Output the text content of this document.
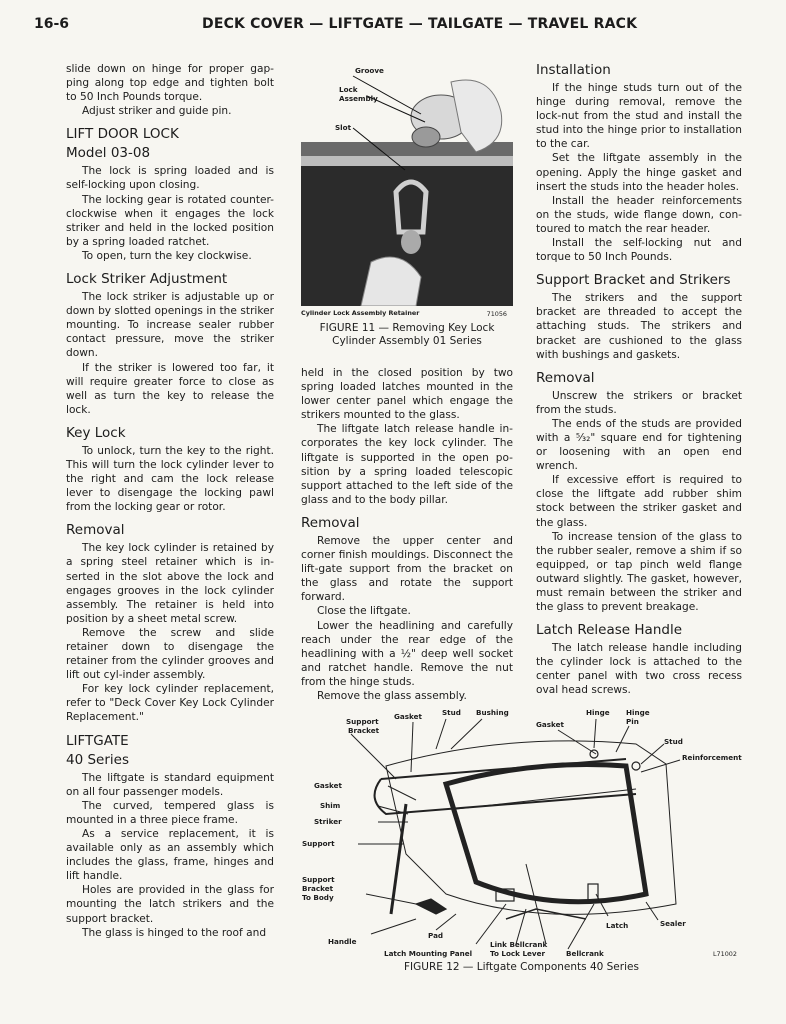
16-6	DECK COVER — LIFTGATE — TAILGATE — TRAVEL RACK

slide down on hinge for proper gap-ping along top edge and tighten bolt to 50 Inch Pounds torque.

Adjust striker and guide pin.

LIFT DOOR LOCK
Model 03-08

The lock is spring loaded and is self-locking upon closing.

The locking gear is rotated counter-clockwise when it engages the lock striker and held in the locked position by a spring loaded ratchet.

To open, turn the key clockwise.

Lock Striker Adjustment

The lock striker is adjustable up or down by slotted openings in the striker mounting. To increase sealer rubber contact pressure, move the striker down.

If the striker is lowered too far, it will require greater force to close as well as turn the key to release the lock.

Key Lock

To unlock, turn the key to the right. This will turn the lock cylinder lever to the right and cam the lock release lever to disengage the locking pawl from the locking gear or rotor.

Removal

The key lock cylinder is retained by a spring steel retainer which is in-serted in the slot above the lock and engages grooves in the lock cylinder assembly. The retainer is held into position by a sheet metal screw.

Remove the screw and slide retainer down to disengage the retainer from the cylinder grooves and lift out cyl-inder assembly.

For key lock cylinder replacement, refer to "Deck Cover Key Lock Cylinder Replacement."

LIFTGATE
40 Series

The liftgate is standard equipment on all four passenger models.

The curved, tempered glass is mounted in a three piece frame.

As a service replacement, it is available only as an assembly which includes the glass, frame, hinges and lift handle.

Holes are provided in the glass for mounting the latch strikers and the support bracket.

The glass is hinged to the roof and

Groove
Lock
Assembly
Slot
Cylinder Lock Assembly Retainer	71056
FIGURE 11 — Removing Key Lock
Cylinder Assembly 01 Series

held in the closed position by two spring loaded latches mounted in the lower center panel which engage the strikers mounted to the glass.

The liftgate latch release handle in-corporates the key lock cylinder. The liftgate is supported in the open po-sition by a spring loaded telescopic support attached to the left side of the glass and to the body pillar.

Removal

Remove the upper center and corner finish mouldings. Disconnect the lift-gate support from the bracket on the glass and rotate the support forward.

Close the liftgate.

Lower the headlining and carefully reach under the rear edge of the headlining with a ½" deep well socket and ratchet handle. Remove the nut from the hinge studs.

Remove the glass assembly.

Installation

If the hinge studs turn out of the hinge during removal, remove the lock-nut from the stud and install the stud into the hinge prior to installation to the car.

Set the liftgate assembly in the opening. Apply the hinge gasket and insert the studs into the header holes.

Install the header reinforcements on the studs, wide flange down, con-toured to match the rear header.

Install the self-locking nut and torque to 50 Inch Pounds.

Support Bracket and Strikers

The strikers and the support bracket are threaded to accept the attaching studs. The strikers and bracket are cushioned to the glass with bushings and gaskets.

Removal

Unscrew the strikers or bracket from the studs.

The ends of the studs are provided with a ⁵⁄₃₂" square end for tightening or loosening with an open end wrench.

If excessive effort is required to close the liftgate add rubber shim stock between the striker gasket and the glass.

To increase tension of the glass to the rubber sealer, remove a shim if so equipped, or tap pinch weld flange outward slightly. The gasket, however, must remain between the striker and the glass to prevent breakage.

Latch Release Handle

The latch release handle including the cylinder lock is attached to the center panel with two cross recess oval head screws.

Support
Bracket
Gasket	Stud Bushing	Hinge Hinge
Pin
Gasket
Stud
Reinforcement
Gasket
Shim
Striker
Support
Support
Bracket
To Body
Handle
Pad
Latch Mounting Panel
Link Bellcrank
To Lock Lever	Bellcrank
Latch	Sealer
L71002
FIGURE 12 — Liftgate Components 40 Series
